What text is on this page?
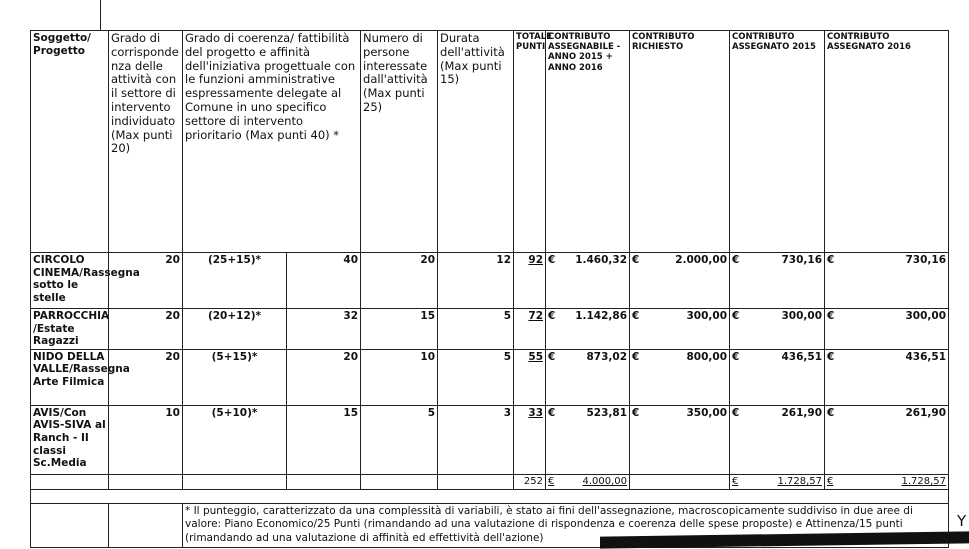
Soggetto/ Progetto	Grado di corrisponde nza delle attività con il settore di intervento individuato (Max punti 20)	Grado di coerenza/ fattibilità del progetto e affinità dell'iniziativa progettuale con le funzioni amministrative espressamente delegate al Comune in uno specifico settore di intervento prioritario (Max punti 40) *		Numero di persone interessate dall'attività (Max punti 25)	Durata dell'attività (Max punti 15)	TOTALE PUNTI	CONTRIBUTO ASSEGNABILE - ANNO 2015 + ANNO 2016	CONTRIBUTO RICHIESTO	CONTRIBUTO ASSEGNATO 2015	CONTRIBUTO ASSEGNATO 2016
CIRCOLO CINEMA/Rassegna sotto le stelle	20	(25+15)*	40	20	12	92	€ 1.460,32	€ 2.000,00	€ 730,16	€ 730,16

PARROCCHIA /Estate Ragazzi	20	(20+12)*	32	15	5	72	€ 1.142,86	€ 300,00	€ 300,00	€ 300,00

NIDO DELLA VALLE/Rassegna Arte Filmica	20	(5+15)*	20	10	5	55	€ 873,02	€ 800,00	€ 436,51	€ 436,51

AVIS/Con AVIS-SIVA al Ranch - II classi Sc.Media	10	(5+10)*	15	5	3	33	€ 523,81	€ 350,00	€ 261,90	€ 261,90

						252	€ 4.000,00		€ 1.728,57	€ 1.728,57

		* Il punteggio, caratterizzato da una complessità di variabili, è stato ai fini dell'assegnazione, macroscopicamente suddiviso in due aree di valore: Piano Economico/25 Punti (rimandando ad una valutazione di rispondenza e coerenza delle spese proposte) e Attinenza/15 punti (rimandando ad una valutazione di affinità ed effettività dell'azione)								
Y
